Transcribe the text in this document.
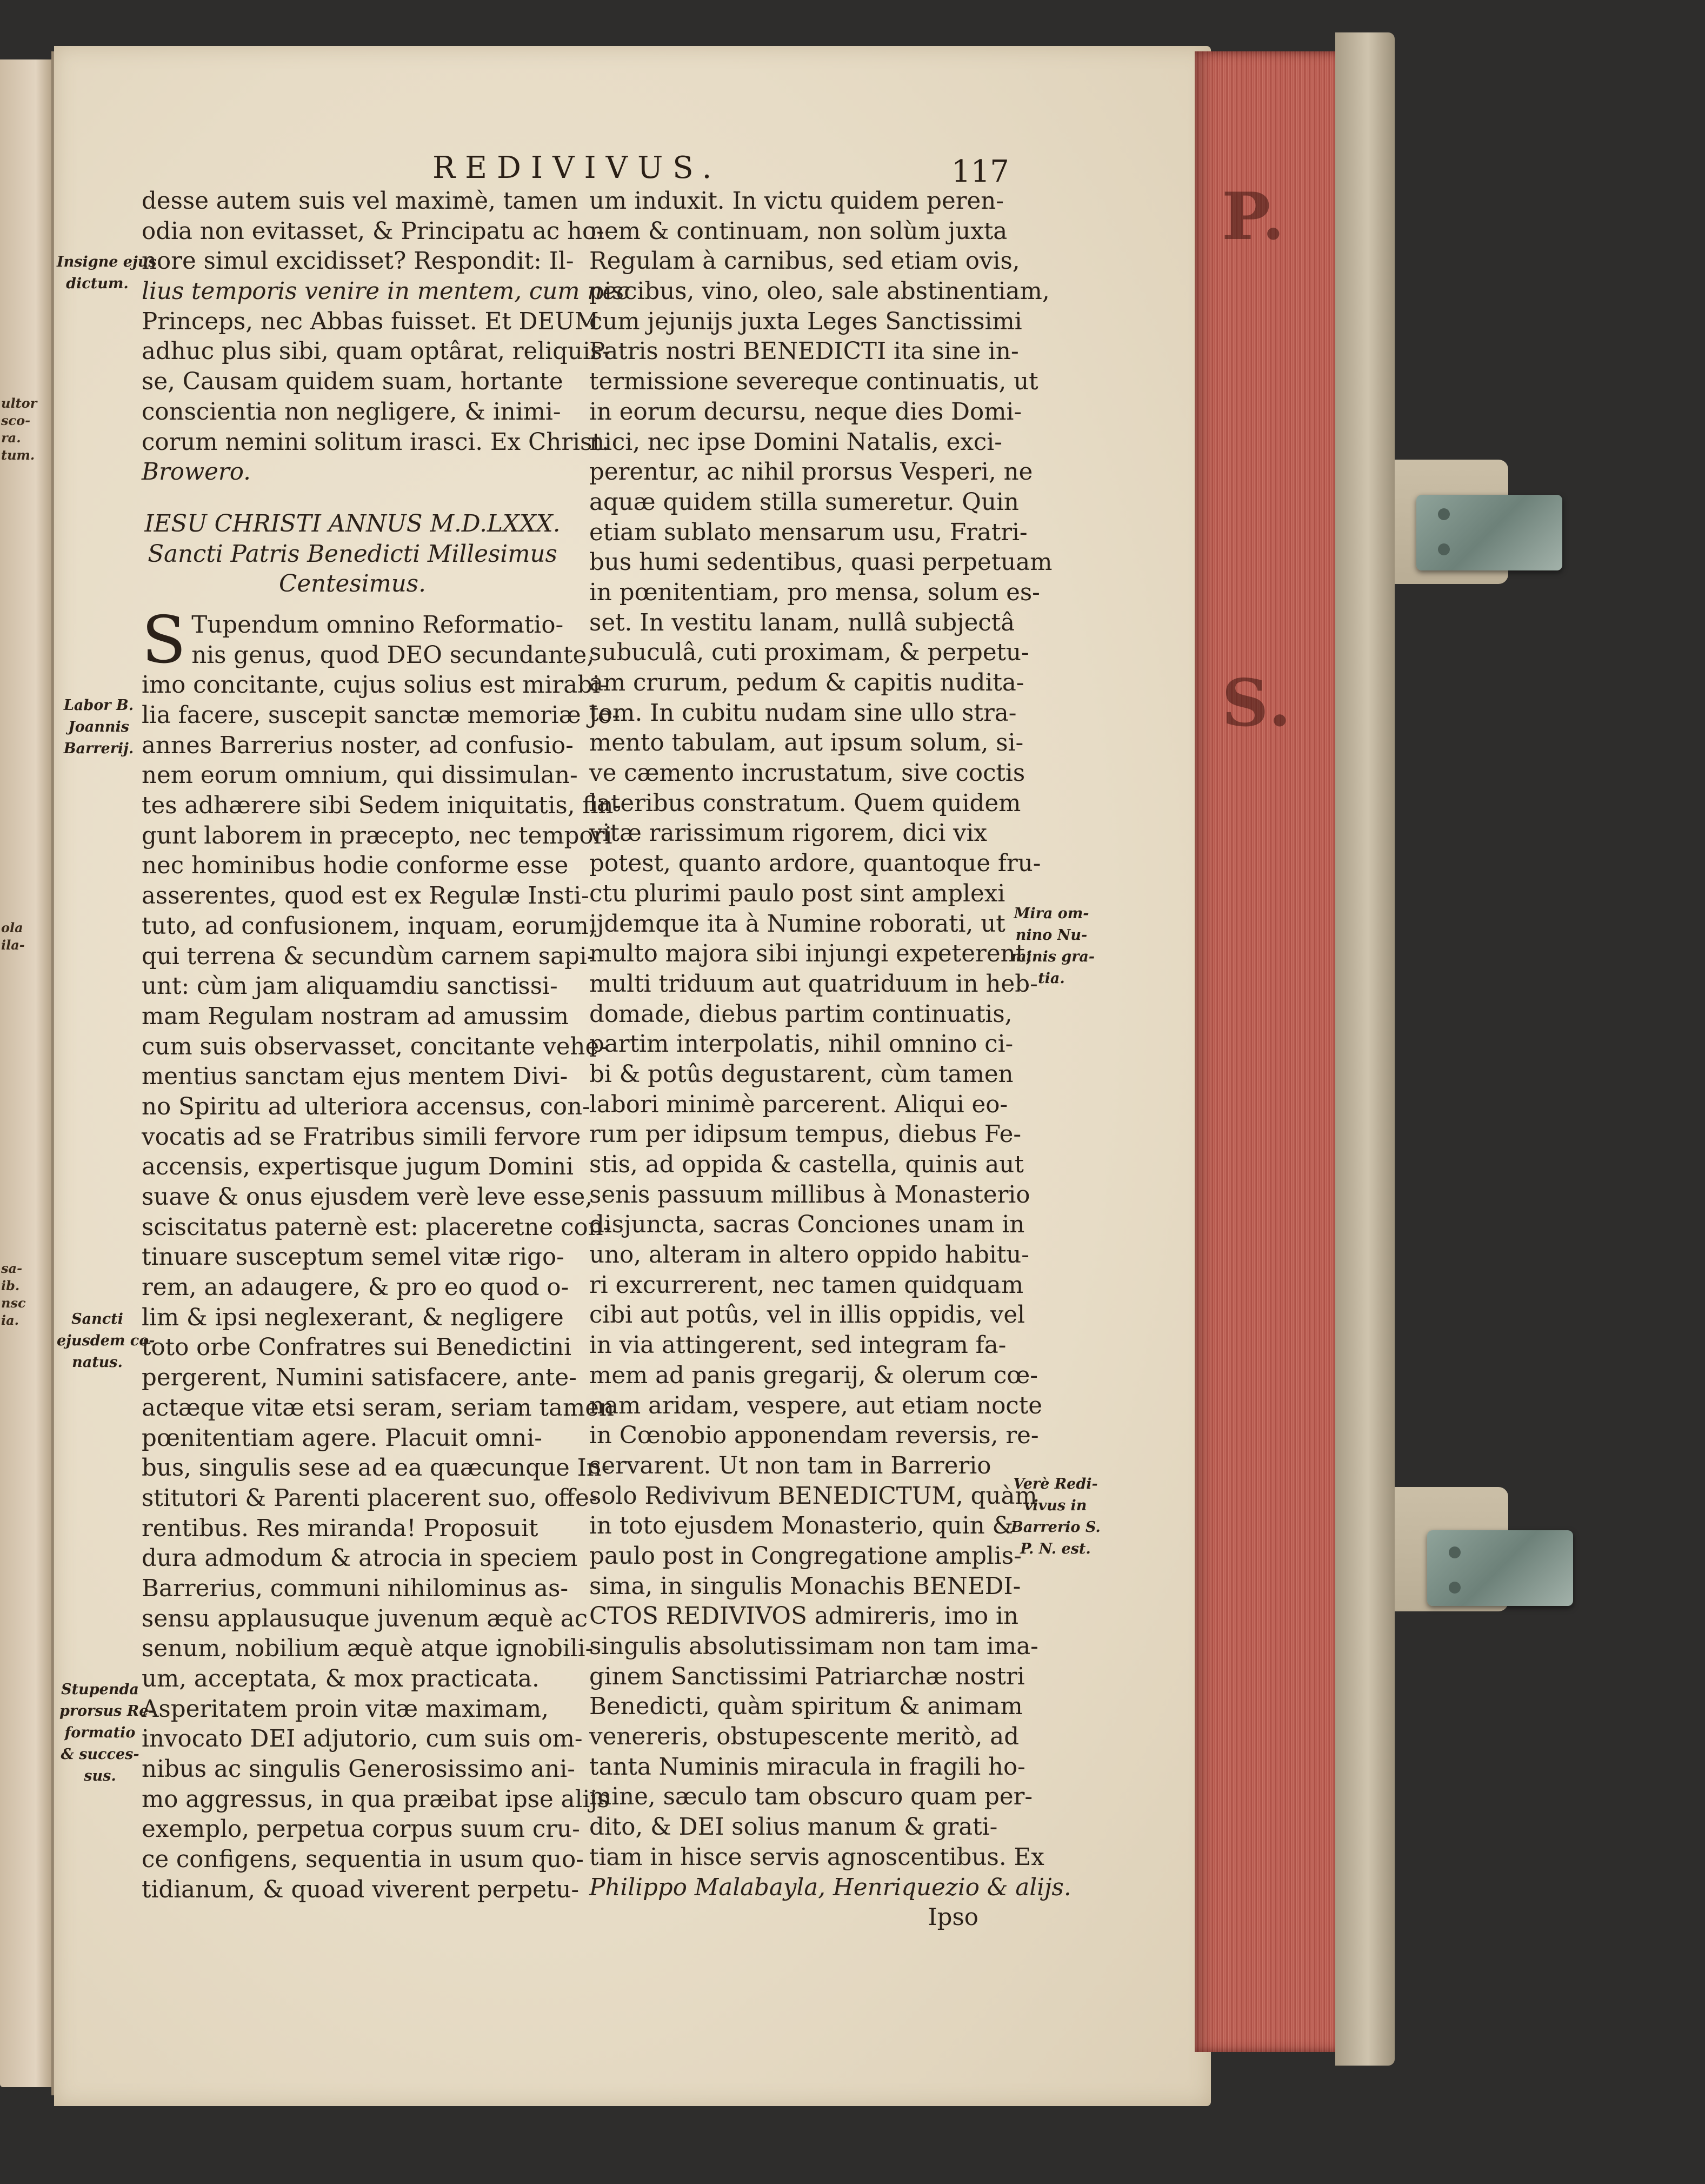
ultor
sco-
ra.
tum.
ola
ila-
sa-
ib.
nsc
ia.
P.
S.
REDIVIVUS.	117
desse autem suis vel maximè, tamen
odia non evitasset, & Principatu ac ho-
nore simul excidisset? Respondit: Il-
lius temporis venire in mentem, cum nec
Princeps, nec Abbas fuisset. Et DEUM
adhuc plus sibi, quam optârat, reliquis-
se, Causam quidem suam, hortante
conscientia non negligere, & inimi-
corum nemini solitum irasci. Ex Christ.
Browero.
IESU CHRISTI ANNUS M.D.LXXX.
Sancti Patris Benedicti Millesimus
Centesimus.
S Tupendum omnino Reformatio-
nis genus, quod DEO secundante,
imo concitante, cujus solius est mirabi-
lia facere, suscepit sanctæ memoriæ Jo-
annes Barrerius noster, ad confusio-
nem eorum omnium, qui dissimulan-
tes adhærere sibi Sedem iniquitatis, fin-
gunt laborem in præcepto, nec tempori
nec hominibus hodie conforme esse
asserentes, quod est ex Regulæ Insti-
tuto, ad confusionem, inquam, eorum,
qui terrena & secundùm carnem sapi-
unt: cùm jam aliquamdiu sanctissi-
mam Regulam nostram ad amussim
cum suis observasset, concitante vehe-
mentius sanctam ejus mentem Divi-
no Spiritu ad ulteriora accensus, con-
vocatis ad se Fratribus simili fervore
accensis, expertisque jugum Domini
suave & onus ejusdem verè leve esse,
sciscitatus paternè est: placeretne con-
tinuare susceptum semel vitæ rigo-
rem, an adaugere, & pro eo quod o-
lim & ipsi neglexerant, & negligere
toto orbe Confratres sui Benedictini
pergerent, Numini satisfacere, ante-
actæque vitæ etsi seram, seriam tamen
pœnitentiam agere. Placuit omni-
bus, singulis sese ad ea quæcunque In-
stitutori & Parenti placerent suo, offe-
rentibus. Res miranda! Proposuit
dura admodum & atrocia in speciem
Barrerius, communi nihilominus as-
sensu applausuque juvenum æquè ac
senum, nobilium æquè atque ignobili-
um, acceptata, & mox practicata.
Asperitatem proin vitæ maximam,
invocato DEI adjutorio, cum suis om-
nibus ac singulis Generosissimo ani-
mo aggressus, in qua præibat ipse alijs
exemplo, perpetua corpus suum cru-
ce configens, sequentia in usum quo-
tidianum, & quoad viverent perpetu-
um induxit. In victu quidem peren-
nem & continuam, non solùm juxta
Regulam à carnibus, sed etiam ovis,
piscibus, vino, oleo, sale abstinentiam,
cum jejunijs juxta Leges Sanctissimi
Patris nostri BENEDICTI ita sine in-
termissione severeque continuatis, ut
in eorum decursu, neque dies Domi-
nici, nec ipse Domini Natalis, exci-
perentur, ac nihil prorsus Vesperi, ne
aquæ quidem stilla sumeretur. Quin
etiam sublato mensarum usu, Fratri-
bus humi sedentibus, quasi perpetuam
in pœnitentiam, pro mensa, solum es-
set. In vestitu lanam, nullâ subjectâ
subuculâ, cuti proximam, & perpetu-
am crurum, pedum & capitis nudita-
tem. In cubitu nudam sine ullo stra-
mento tabulam, aut ipsum solum, si-
ve cæmento incrustatum, sive coctis
lateribus constratum. Quem quidem
vitæ rarissimum rigorem, dici vix
potest, quanto ardore, quantoque fru-
ctu plurimi paulo post sint amplexi
ijdemque ita à Numine roborati, ut
multo majora sibi injungi expeterent;
multi triduum aut quatriduum in heb-
domade, diebus partim continuatis,
partim interpolatis, nihil omnino ci-
bi & potûs degustarent, cùm tamen
labori minimè parcerent. Aliqui eo-
rum per idipsum tempus, diebus Fe-
stis, ad oppida & castella, quinis aut
senis passuum millibus à Monasterio
disjuncta, sacras Conciones unam in
uno, alteram in altero oppido habitu-
ri excurrerent, nec tamen quidquam
cibi aut potûs, vel in illis oppidis, vel
in via attingerent, sed integram fa-
mem ad panis gregarij, & olerum cœ-
nam aridam, vespere, aut etiam nocte
in Cœnobio apponendam reversis, re-
servarent. Ut non tam in Barrerio
solo Redivivum BENEDICTUM, quàm
in toto ejusdem Monasterio, quin &
paulo post in Congregatione amplis-
sima, in singulis Monachis BENEDI-
CTOS REDIVIVOS admireris, imo in
singulis absolutissimam non tam ima-
ginem Sanctissimi Patriarchæ nostri
Benedicti, quàm spiritum & animam
venereris, obstupescente meritò, ad
tanta Numinis miracula in fragili ho-
mine, sæculo tam obscuro quam per-
dito, & DEI solius manum & grati-
tiam in hisce servis agnoscentibus. Ex
Philippo Malabayla, Henriquezio & alijs.
Ipso
Insigne ejus
dictum.
Labor B.
Joannis
Barrerij.
Sancti
ejusdem co-
natus.
Stupenda
prorsus Re-
formatio
& succes-
sus.
Mira om-
nino Nu-
minis gra-
tia.
Verè Redi-
vivus in
Barrerio S.
P. N. est.
